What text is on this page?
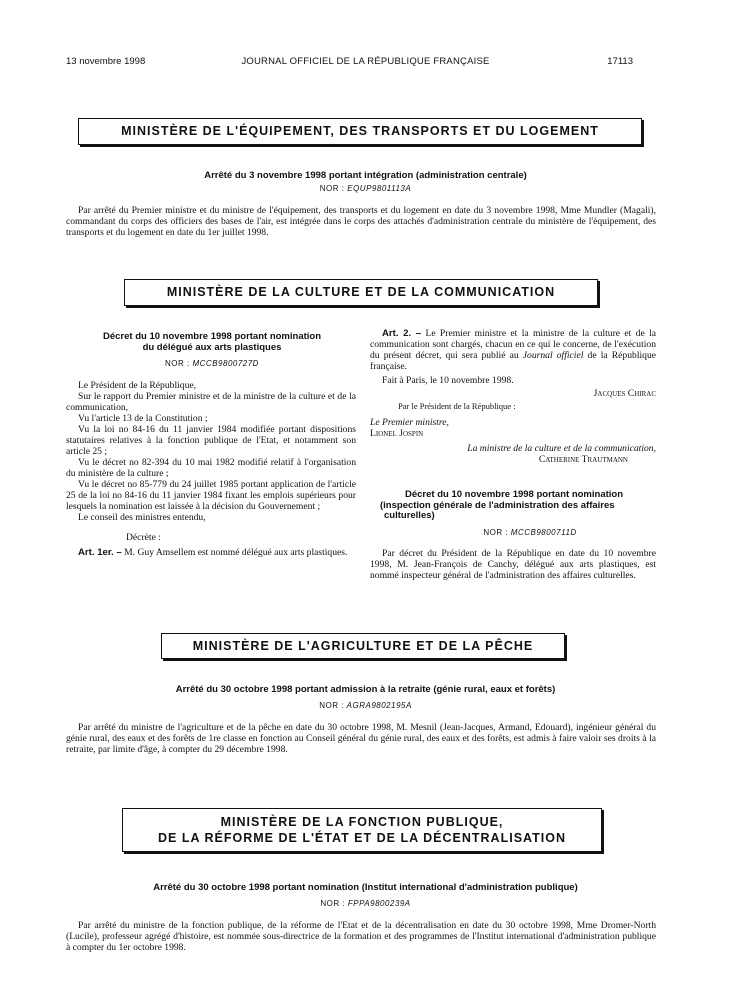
13 novembre 1998	JOURNAL OFFICIEL DE LA RÉPUBLIQUE FRANÇAISE	17113
MINISTÈRE DE L'ÉQUIPEMENT, DES TRANSPORTS ET DU LOGEMENT
Arrêté du 3 novembre 1998 portant intégration (administration centrale)
NOR : EQUP9801113A
Par arrêté du Premier ministre et du ministre de l'équipement, des transports et du logement en date du 3 novembre 1998, Mme Mundler (Magali), commandant du corps des officiers des bases de l'air, est intégrée dans le corps des attachés d'administration centrale du ministère de l'équipement, des transports et du logement en date du 1er juillet 1998.
MINISTÈRE DE LA CULTURE ET DE LA COMMUNICATION
Décret du 10 novembre 1998 portant nomination
du délégué aux arts plastiques
NOR : MCCB9800727D

Le Président de la République,

Sur le rapport du Premier ministre et de la ministre de la culture et de la communication,

Vu l'article 13 de la Constitution ;

Vu la loi no 84-16 du 11 janvier 1984 modifiée portant dispositions statutaires relatives à la fonction publique de l'Etat, et notamment son article 25 ;

Vu le décret no 82-394 du 10 mai 1982 modifié relatif à l'organisation du ministère de la culture ;

Vu le décret no 85-779 du 24 juillet 1985 portant application de l'article 25 de la loi no 84-16 du 11 janvier 1984 fixant les emplois supérieurs pour lesquels la nomination est laissée à la décision du Gouvernement ;

Le conseil des ministres entendu,

Décrète :

Art. 1er. – M. Guy Amsellem est nommé délégué aux arts plastiques.

Art. 2. – Le Premier ministre et la ministre de la culture et de la communication sont chargés, chacun en ce qui le concerne, de l'exécution du présent décret, qui sera publié au Journal officiel de la République française.

Fait à Paris, le 10 novembre 1998.

Jacques Chirac

Par le Président de la République :

Le Premier ministre,

Lionel Jospin

La ministre de la culture et de la communication,

Catherine Trautmann

Décret du 10 novembre 1998 portant nomination
(inspection générale de l'administration des affaires
culturelles)
NOR : MCCB9800711D

Par décret du Président de la République en date du 10 novembre 1998, M. Jean-François de Canchy, délégué aux arts plastiques, est nommé inspecteur général de l'administration des affaires culturelles.

MINISTÈRE DE L'AGRICULTURE ET DE LA PÊCHE
Arrêté du 30 octobre 1998 portant admission à la retraite (génie rural, eaux et forêts)
NOR : AGRA9802195A
Par arrêté du ministre de l'agriculture et de la pêche en date du 30 octobre 1998, M. Mesnil (Jean-Jacques, Armand, Edouard), ingénieur général du génie rural, des eaux et des forêts de 1re classe en fonction au Conseil général du génie rural, des eaux et des forêts, est admis à faire valoir ses droits à la retraite, par limite d'âge, à compter du 29 décembre 1998.
MINISTÈRE DE LA FONCTION PUBLIQUE,
DE LA RÉFORME DE L'ÉTAT ET DE LA DÉCENTRALISATION
Arrêté du 30 octobre 1998 portant nomination (Institut international d'administration publique)
NOR : FPPA9800239A
Par arrêté du ministre de la fonction publique, de la réforme de l'Etat et de la décentralisation en date du 30 octobre 1998, Mme Dromer-North (Lucile), professeur agrégé d'histoire, est nommée sous-directrice de la formation et des programmes de l'Institut international d'administration publique à compter du 1er octobre 1998.
